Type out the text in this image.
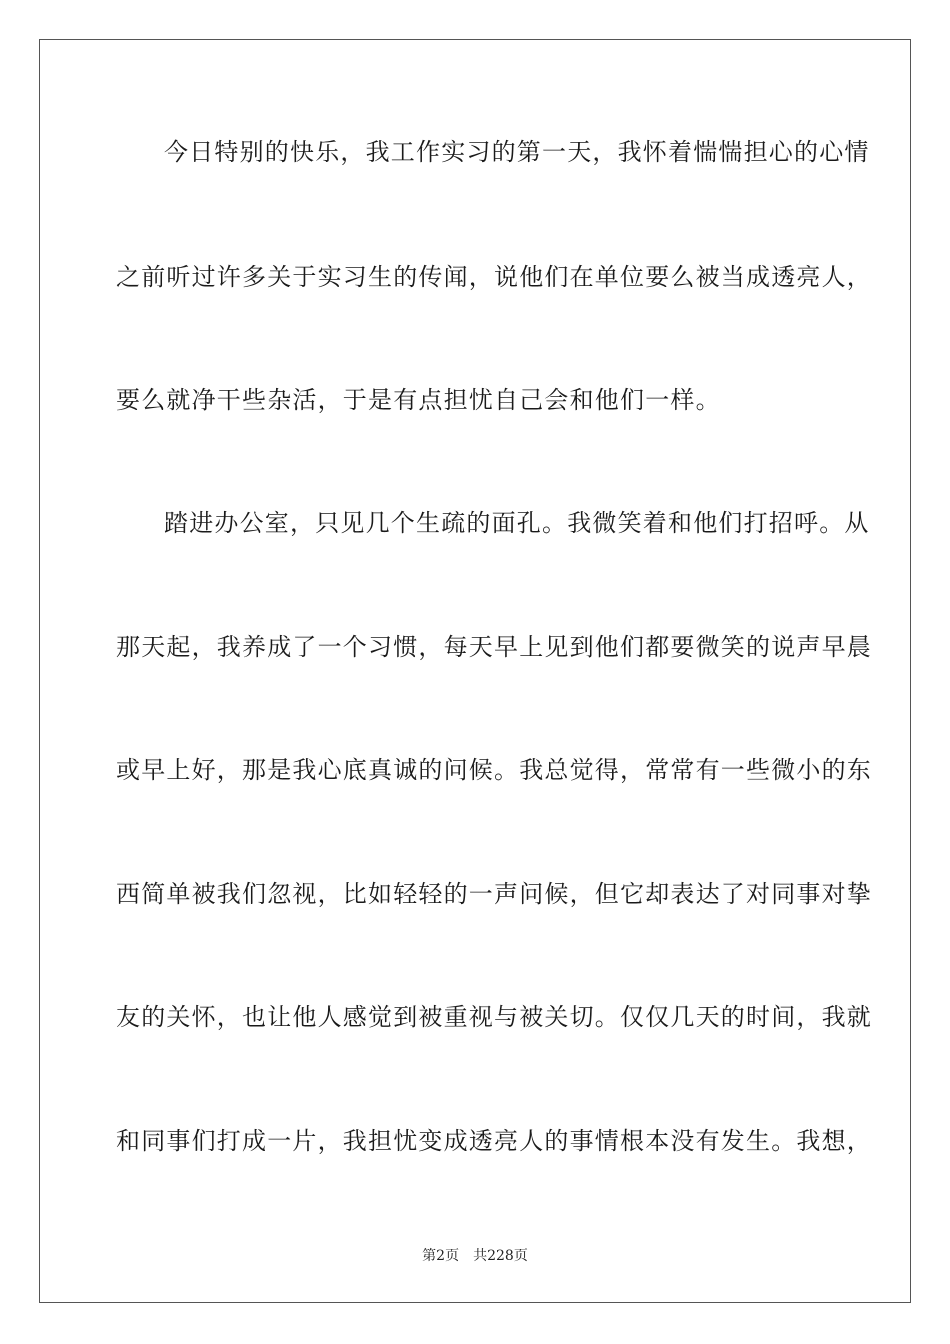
今日特别的快乐，我工作实习的第一天，我怀着惴惴担心的心情
之前听过许多关于实习生的传闻，说他们在单位要么被当成透亮人，
要么就净干些杂活，于是有点担忧自己会和他们一样。
踏进办公室，只见几个生疏的面孔。我微笑着和他们打招呼。从
那天起，我养成了一个习惯，每天早上见到他们都要微笑的说声早晨
或早上好，那是我心底真诚的问候。我总觉得，常常有一些微小的东
西简单被我们忽视，比如轻轻的一声问候，但它却表达了对同事对挚
友的关怀，也让他人感觉到被重视与被关切。仅仅几天的时间，我就
和同事们打成一片，我担忧变成透亮人的事情根本没有发生。我想，
第2页 共228页
